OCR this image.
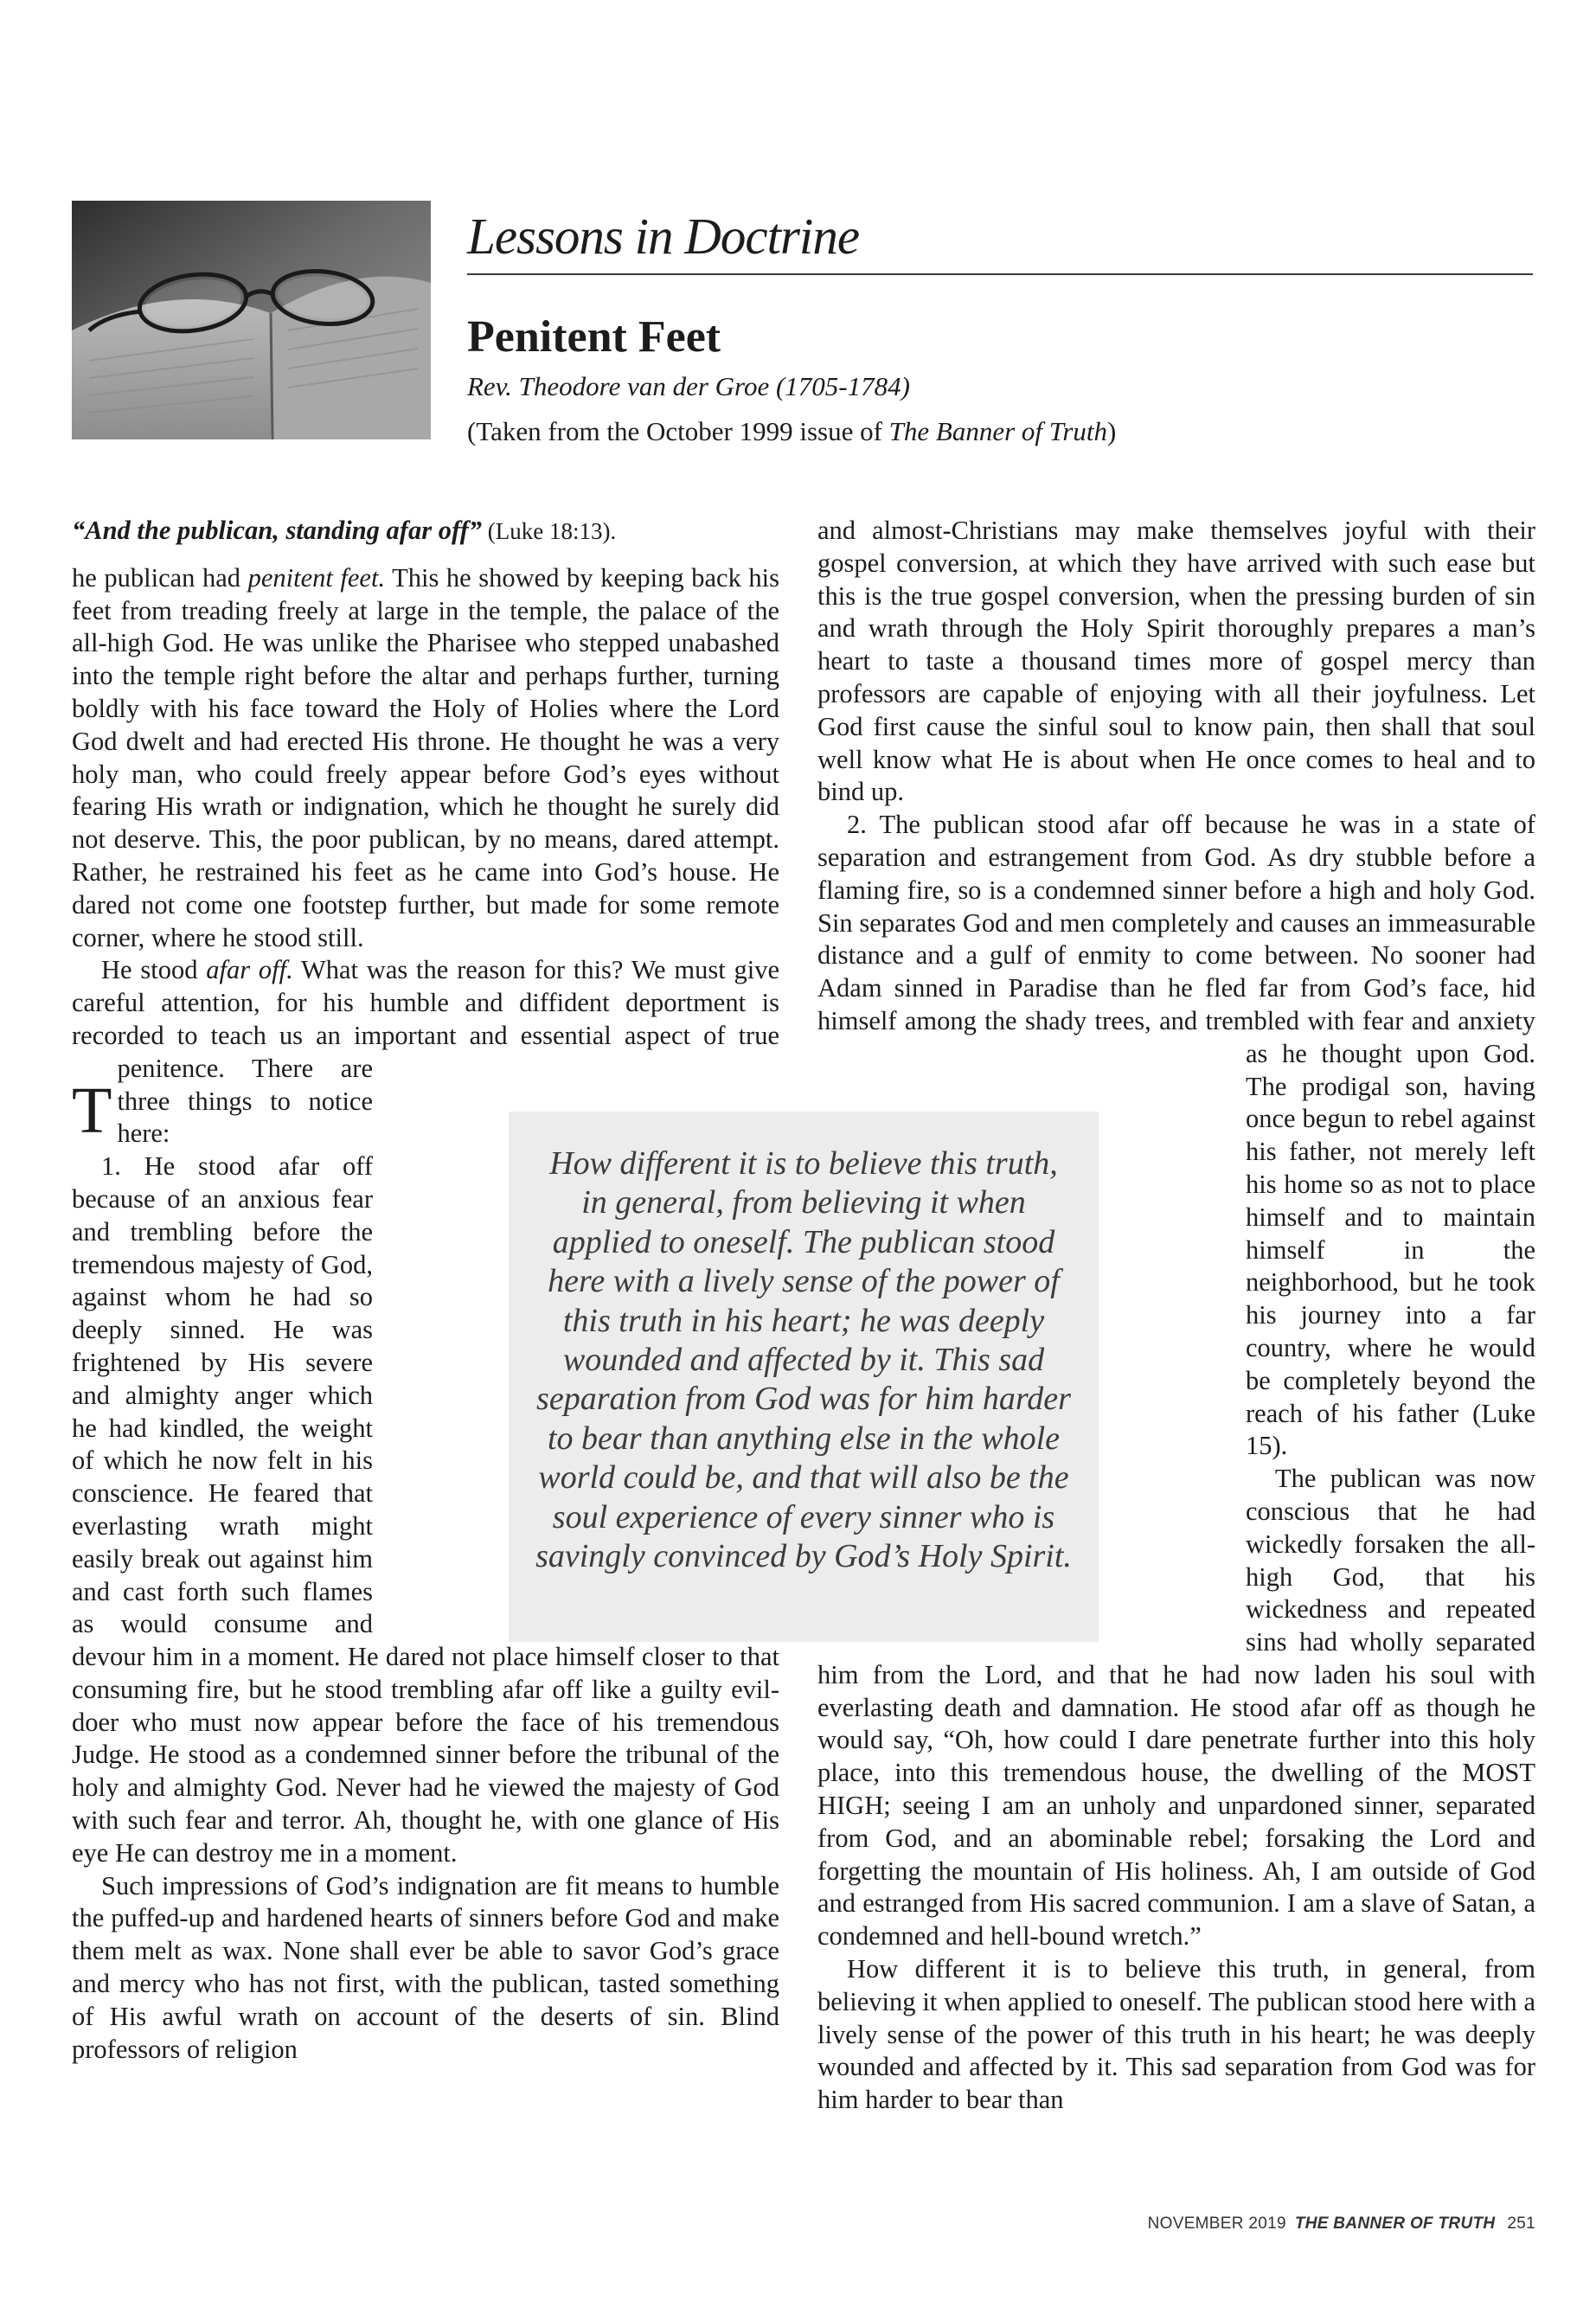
Lessons in Doctrine
Penitent Feet
Rev. Theodore van der Groe (1705-1784)
(Taken from the October 1999 issue of The Banner of Truth)

“And the publican, standing afar off” (Luke 18:13).

T
he publican had penitent feet. This he showed by keeping back his feet from treading freely at large in the temple, the palace of the all-high God. He was unlike the Pharisee who stepped unabashed into the temple right before the altar and perhaps further, turning boldly with his face toward the Holy of Holies where the Lord God dwelt and had erected His throne. He thought he was a very holy man, who could freely appear before God’s eyes without fearing His wrath or indignation, which he thought he surely did not deserve. This, the poor publican, by no means, dared attempt. Rather, he restrained his feet as he came into God’s house. He dared not come one footstep further, but made for some remote corner, where he stood still.

He stood afar off. What was the reason for this? We must give careful attention, for his humble and diffident deportment is recorded to teach us an important and essential aspect of true penitence. There are three things to notice here:

1. He stood afar off because of an anxious fear and trembling before the tremendous majesty of God, against whom he had so deeply sinned. He was frightened by His severe and almighty anger which he had kindled, the weight of which he now felt in his conscience. He feared that everlasting wrath might easily break out against him and cast forth such flames as would consume and devour him in a moment. He dared not place himself closer to that consuming fire, but he stood trembling afar off like a guilty evil-doer who must now appear before the face of his tremendous Judge. He stood as a condemned sinner before the tribunal of the holy and almighty God. Never had he viewed the majesty of God with such fear and terror. Ah, thought he, with one glance of His eye He can destroy me in a moment.

Such impressions of God’s indignation are fit means to humble the puffed-up and hardened hearts of sinners before God and make them melt as wax. None shall ever be able to savor God’s grace and mercy who has not first, with the publican, tasted something of His awful wrath on account of the deserts of sin. Blind professors of religion

and almost-Christians may make themselves joyful with their gospel conversion, at which they have arrived with such ease but this is the true gospel conversion, when the pressing burden of sin and wrath through the Holy Spirit thoroughly prepares a man’s heart to taste a thousand times more of gospel mercy than professors are capable of enjoying with all their joyfulness. Let God first cause the sinful soul to know pain, then shall that soul well know what He is about when He once comes to heal and to bind up.

2. The publican stood afar off because he was in a state of separation and estrangement from God. As dry stubble before a flaming fire, so is a condemned sinner before a high and holy God. Sin separates God and men completely and causes an immeasurable distance and a gulf of enmity to come between. No sooner had Adam sinned in Paradise than he fled far from God’s face, hid himself among the shady trees, and trembled with fear and anxiety as he thought upon God. The prodigal son, having once begun to rebel against his father, not merely left his home so as not to place himself and to maintain himself in the neighborhood, but he took his journey into a far country, where he would be completely beyond the reach of his father (Luke 15).

The publican was now conscious that he had wickedly forsaken the all-high God, that his wickedness and repeated sins had wholly separated him from the Lord, and that he had now laden his soul with everlasting death and damnation. He stood afar off as though he would say, “Oh, how could I dare penetrate further into this holy place, into this tremendous house, the dwelling of the MOST HIGH; seeing I am an unholy and unpardoned sinner, separated from God, and an abominable rebel; forsaking the Lord and forgetting the mountain of His holiness. Ah, I am outside of God and estranged from His sacred communion. I am a slave of Satan, a condemned and hell-bound wretch.”

How different it is to believe this truth, in general, from believing it when applied to oneself. The publican stood here with a lively sense of the power of this truth in his heart; he was deeply wounded and affected by it. This sad separation from God was for him harder to bear than

How different it is to believe this truth, in general, from believing it when applied to oneself. The publican stood here with a lively sense of the power of this truth in his heart; he was deeply wounded and affected by it. This sad separation from God was for him harder to bear than anything else in the whole world could be, and that will also be the soul experience of every sinner who is savingly convinced by God’s Holy Spirit.

NOVEMBER 2019 THE BANNER OF TRUTH 251
